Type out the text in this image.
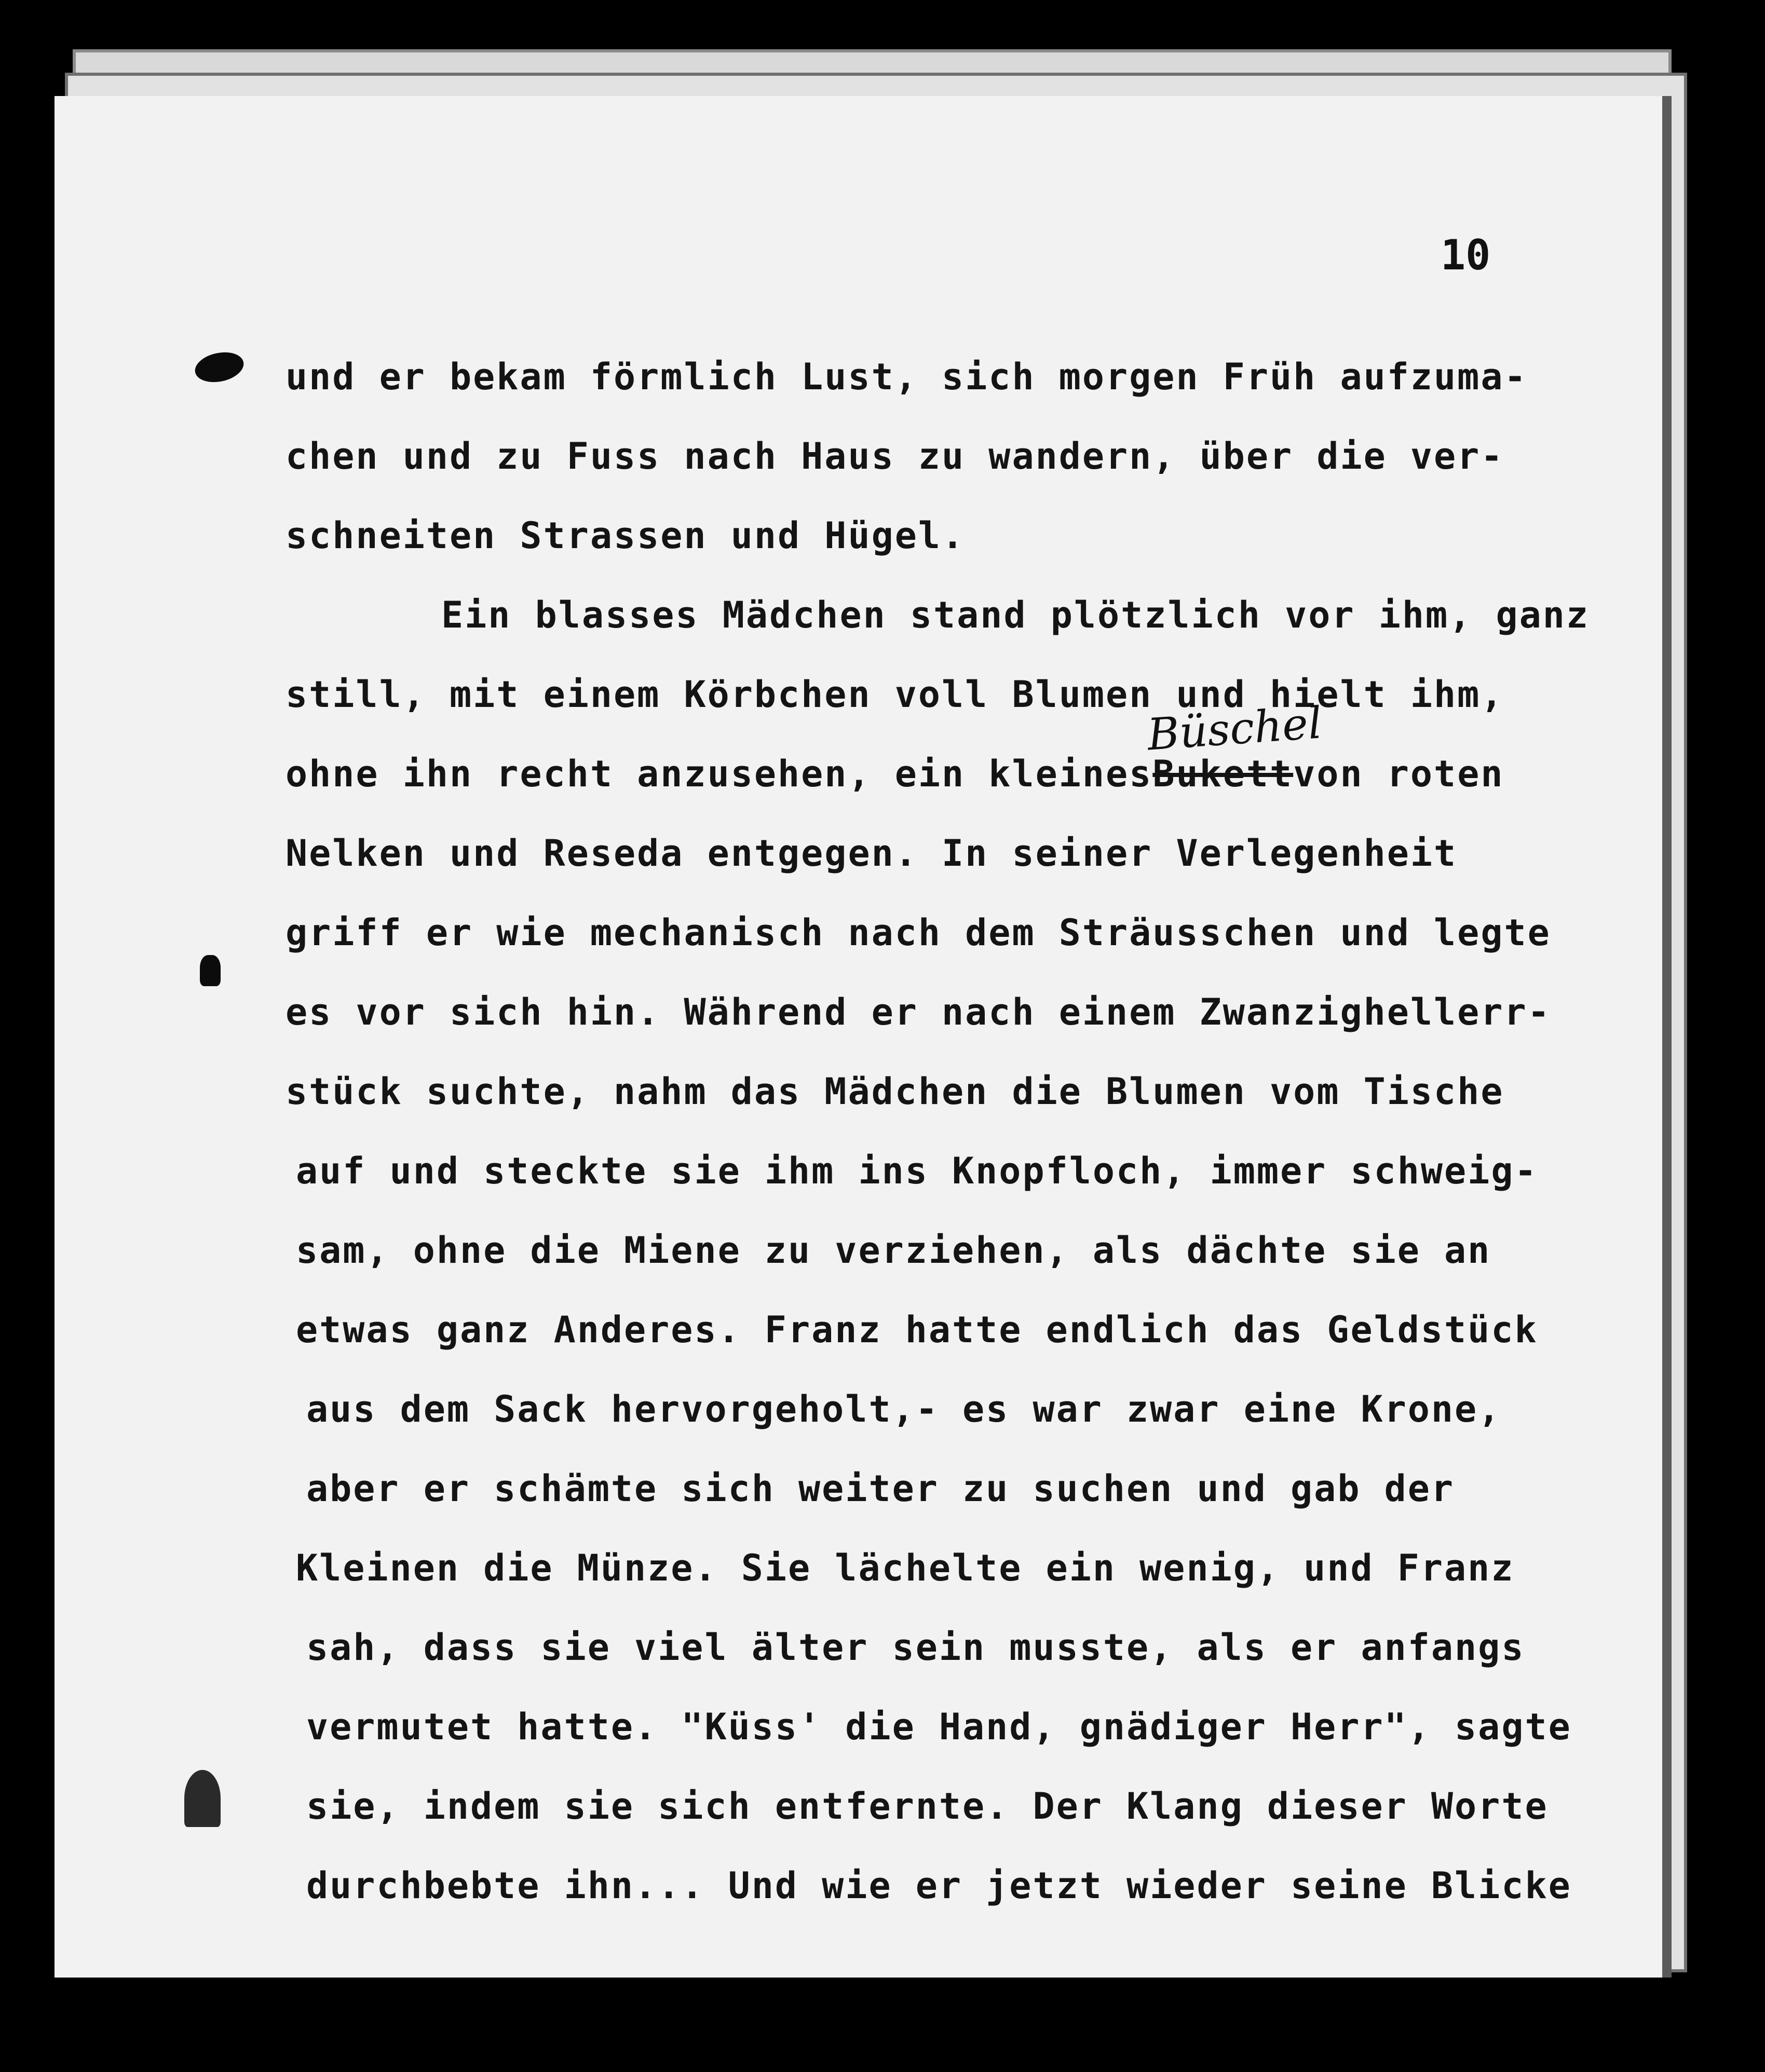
10
und er bekam förmlich Lust, sich morgen Früh aufzuma-
chen und zu Fuss nach Haus zu wandern, über die ver-
schneiten Strassen und Hügel.
Ein blasses Mädchen stand plötzlich vor ihm, ganz
still, mit einem Körbchen voll Blumen und hielt ihm,
ohne ihn recht anzusehen, ein kleines
Büschel
Bukettvon roten
Nelken und Reseda entgegen. In seiner Verlegenheit
griff er wie mechanisch nach dem Sträusschen und legte
es vor sich hin. Während er nach einem Zwanzighellerr-
stück suchte, nahm das Mädchen die Blumen vom Tische
auf und steckte sie ihm ins Knopfloch, immer schweig-
sam, ohne die Miene zu verziehen, als dächte sie an
etwas ganz Anderes. Franz hatte endlich das Geldstück
aus dem Sack hervorgeholt,- es war zwar eine Krone,
aber er schämte sich weiter zu suchen und gab der
Kleinen die Münze. Sie lächelte ein wenig, und Franz
sah, dass sie viel älter sein musste, als er anfangs
vermutet hatte. "Küss' die Hand, gnädiger Herr", sagte
sie, indem sie sich entfernte. Der Klang dieser Worte
durchbebte ihn... Und wie er jetzt wieder seine Blicke
